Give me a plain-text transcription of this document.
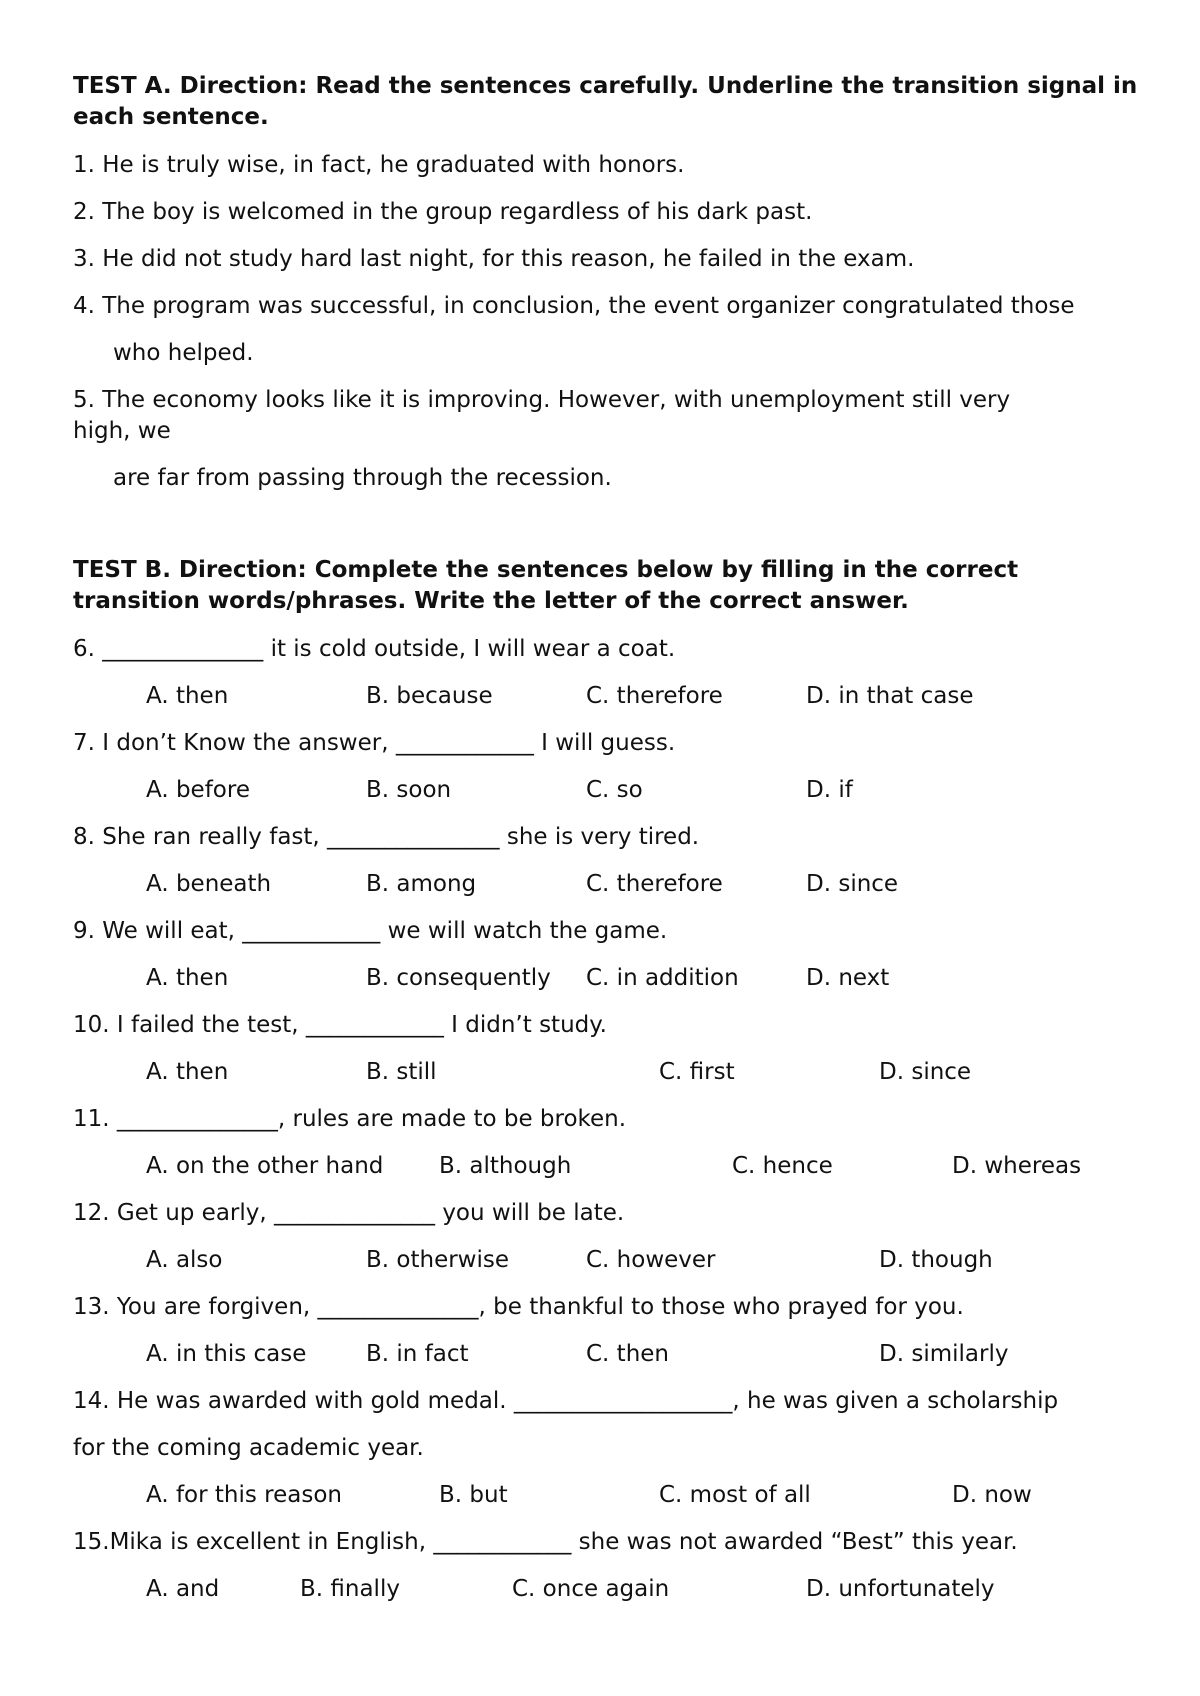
TEST A. Direction: Read the sentences carefully. Underline the transition signal in each sentence.
1. He is truly wise, in fact, he graduated with honors.
2. The boy is welcomed in the group regardless of his dark past.
3. He did not study hard last night, for this reason, he failed in the exam.
4. The program was successful, in conclusion, the event organizer congratulated those
who helped.
5. The economy looks like it is improving. However, with unemployment still very
high, we
are far from passing through the recession.
TEST B. Direction: Complete the sentences below by filling in the correct transition words/phrases. Write the letter of the correct answer.
6. ______________ it is cold outside, I will wear a coat.
A. then	B. because	C. therefore	D. in that case
7. I don’t Know the answer, ____________ I will guess.
A. before	B. soon	C. so	D. if
8. She ran really fast, _______________ she is very tired.
A. beneath	B. among	C. therefore	D. since
9. We will eat, ____________ we will watch the game.
A. then	B. consequently C. in addition	D. next
10. I failed the test, ____________ I didn’t study.
A. then	B. still	C. first	D. since
11. ______________, rules are made to be broken.
A. on the other hand B. although	C. hence	D. whereas
12. Get up early, ______________ you will be late.
A. also	B. otherwise	C. however	D. though
13. You are forgiven, ______________, be thankful to those who prayed for you.
A. in this case	B. in fact	C. then	D. similarly
14. He was awarded with gold medal. ___________________, he was given a scholarship
for the coming academic year.
A. for this reason	B. but	C. most of all	D. now
15.Mika is excellent in English, ____________ she was not awarded “Best” this year.
A. and	B. finally	C. once again	D. unfortunately
